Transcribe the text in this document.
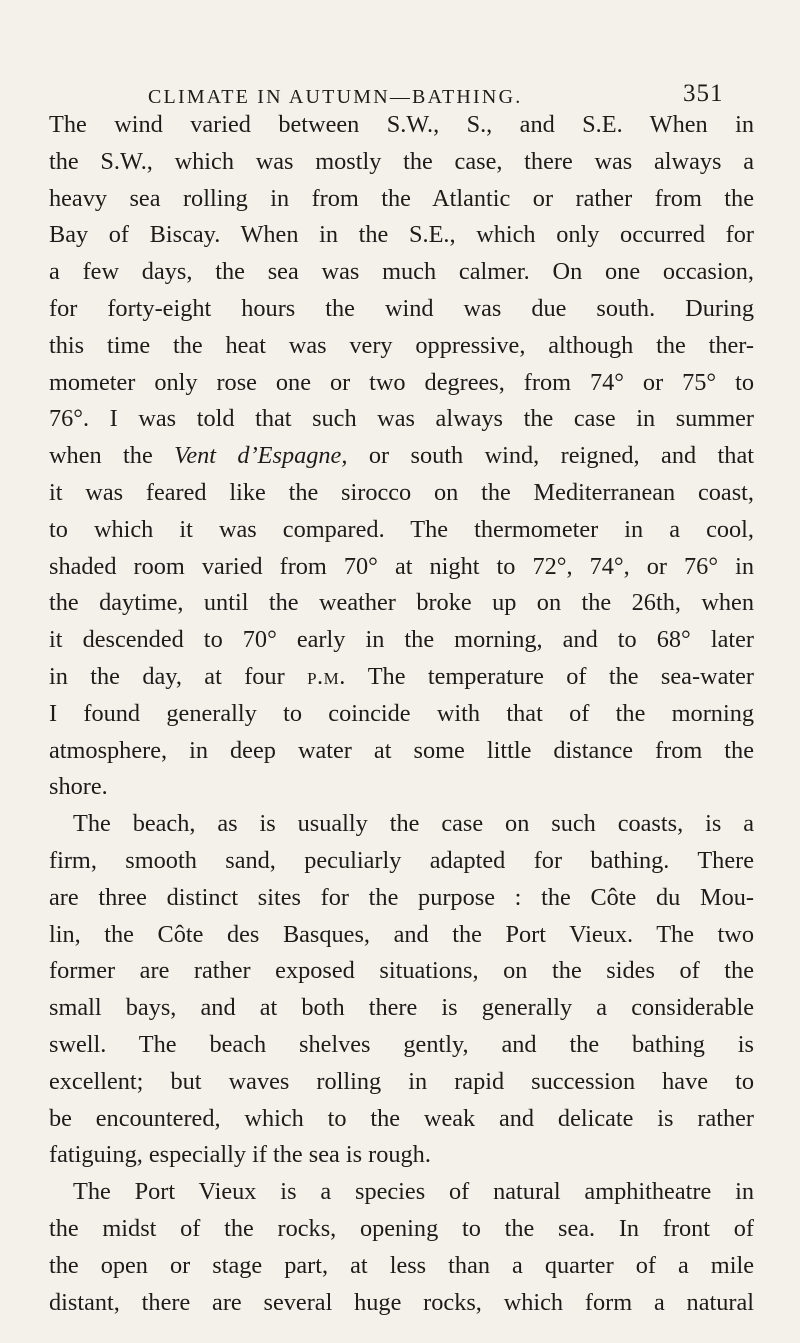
CLIMATE IN AUTUMN—BATHING.	351
The wind varied between S.W., S., and S.E. When in
the S.W., which was mostly the case, there was always a
heavy sea rolling in from the Atlantic or rather from the
Bay of Biscay. When in the S.E., which only occurred for
a few days, the sea was much calmer. On one occasion,
for forty-eight hours the wind was due south. During
this time the heat was very oppressive, although the ther-
mometer only rose one or two degrees, from 74° or 75° to
76°. I was told that such was always the case in summer
when the Vent d’Espagne, or south wind, reigned, and that
it was feared like the sirocco on the Mediterranean coast,
to which it was compared. The thermometer in a cool,
shaded room varied from 70° at night to 72°, 74°, or 76° in
the daytime, until the weather broke up on the 26th, when
it descended to 70° early in the morning, and to 68° later
in the day, at four p.m. The temperature of the sea-water
I found generally to coincide with that of the morning
atmosphere, in deep water at some little distance from the
shore.
The beach, as is usually the case on such coasts, is a
firm, smooth sand, peculiarly adapted for bathing. There
are three distinct sites for the purpose : the Côte du Mou-
lin, the Côte des Basques, and the Port Vieux. The two
former are rather exposed situations, on the sides of the
small bays, and at both there is generally a considerable
swell. The beach shelves gently, and the bathing is
excellent; but waves rolling in rapid succession have to
be encountered, which to the weak and delicate is rather
fatiguing, especially if the sea is rough.
The Port Vieux is a species of natural amphitheatre in
the midst of the rocks, opening to the sea. In front of
the open or stage part, at less than a quarter of a mile
distant, there are several huge rocks, which form a natural
